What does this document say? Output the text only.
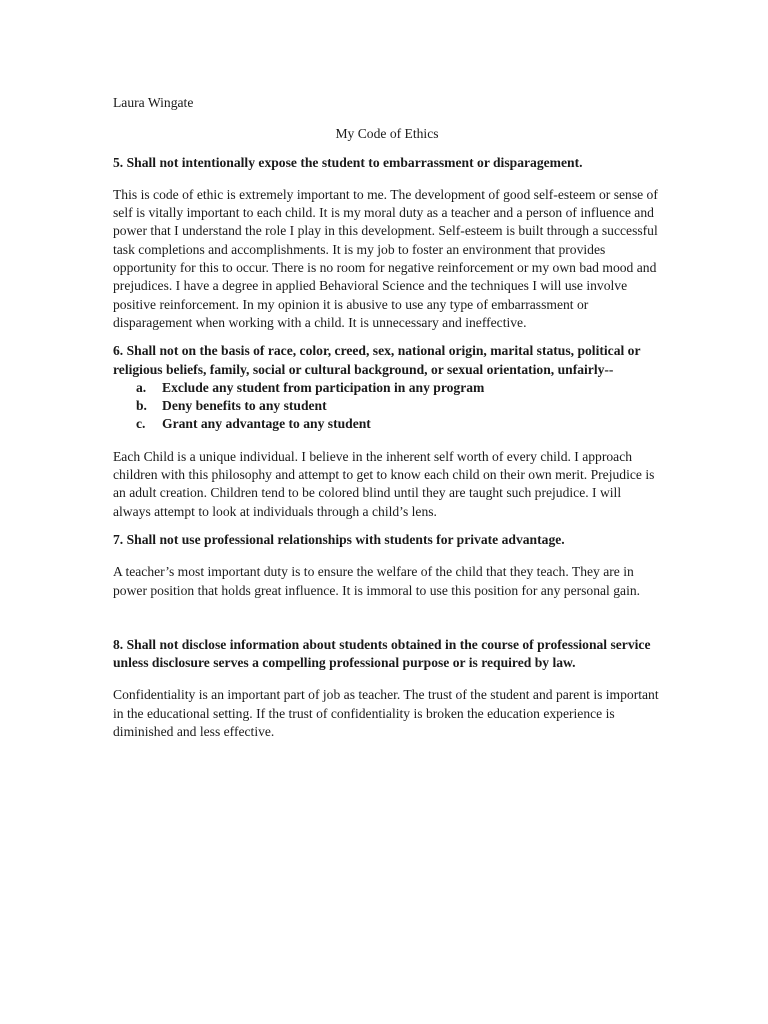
Laura Wingate
My Code of Ethics
5. Shall not intentionally expose the student to embarrassment or disparagement.
This is code of ethic is extremely important to me. The development of good self-esteem or sense of self is vitally important to each child. It is my moral duty as a teacher and a person of influence and power that I understand the role I play in this development. Self-esteem is built through a successful task completions and accomplishments. It is my job to foster an environment that provides opportunity for this to occur. There is no room for negative reinforcement or my own bad mood and prejudices. I have a degree in applied Behavioral Science and the techniques I will use involve positive reinforcement. In my opinion it is abusive to use any type of embarrassment or disparagement when working with a child. It is unnecessary and ineffective.
6. Shall not on the basis of race, color, creed, sex, national origin, marital status, political or religious beliefs, family, social or cultural background, or sexual orientation, unfairly--
a. Exclude any student from participation in any program
b. Deny benefits to any student
c. Grant any advantage to any student
Each Child is a unique individual. I believe in the inherent self worth of every child. I approach children with this philosophy and attempt to get to know each child on their own merit. Prejudice is an adult creation. Children tend to be colored blind until they are taught such prejudice. I will always attempt to look at individuals through a child’s lens.
7. Shall not use professional relationships with students for private advantage.
A teacher’s most important duty is to ensure the welfare of the child that they teach. They are in power position that holds great influence. It is immoral to use this position for any personal gain.
8. Shall not disclose information about students obtained in the course of professional service unless disclosure serves a compelling professional purpose or is required by law.
Confidentiality is an important part of job as teacher. The trust of the student and parent is important in the educational setting. If the trust of confidentiality is broken the education experience is diminished and less effective.
